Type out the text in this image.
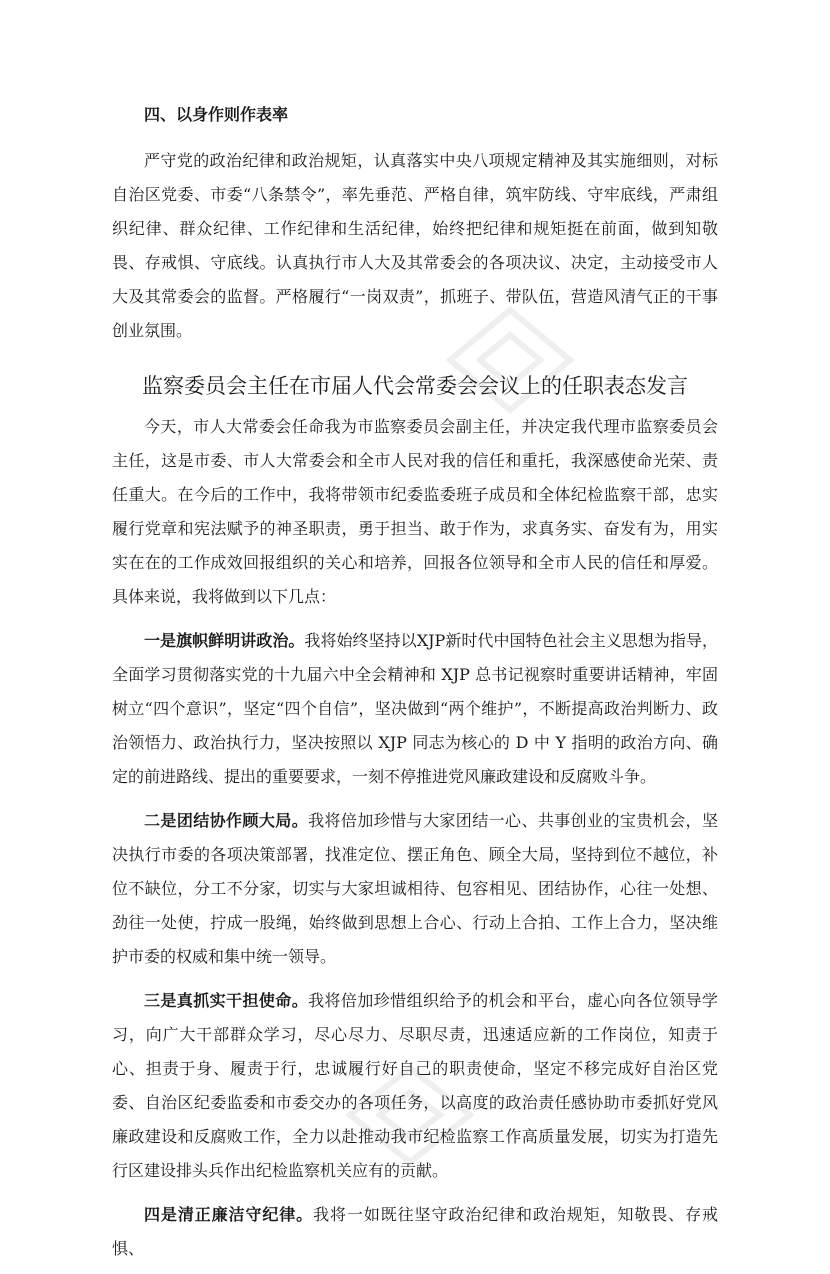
四、以身作则作表率

严守党的政治纪律和政治规矩，认真落实中央八项规定精神及其实施细则，对标自治区党委、市委“八条禁令”，率先垂范、严格自律，筑牢防线、守牢底线，严肃组织纪律、群众纪律、工作纪律和生活纪律，始终把纪律和规矩挺在前面，做到知敬畏、存戒惧、守底线。认真执行市人大及其常委会的各项决议、决定，主动接受市人大及其常委会的监督。严格履行“一岗双责”，抓班子、带队伍，营造风清气正的干事创业氛围。

监察委员会主任在市届人代会常委会会议上的任职表态发言

今天，市人大常委会任命我为市监察委员会副主任，并决定我代理市监察委员会主任，这是市委、市人大常委会和全市人民对我的信任和重托，我深感使命光荣、责任重大。在今后的工作中，我将带领市纪委监委班子成员和全体纪检监察干部，忠实履行党章和宪法赋予的神圣职责，勇于担当、敢于作为，求真务实、奋发有为，用实实在在的工作成效回报组织的关心和培养，回报各位领导和全市人民的信任和厚爱。具体来说，我将做到以下几点：

一是旗帜鲜明讲政治。我将始终坚持以XJP新时代中国特色社会主义思想为指导，全面学习贯彻落实党的十九届六中全会精神和 XJP 总书记视察时重要讲话精神，牢固树立“四个意识”，坚定“四个自信”，坚决做到“两个维护”，不断提高政治判断力、政治领悟力、政治执行力，坚决按照以 XJP 同志为核心的 D 中 Y 指明的政治方向、确定的前进路线、提出的重要要求，一刻不停推进党风廉政建设和反腐败斗争。

二是团结协作顾大局。我将倍加珍惜与大家团结一心、共事创业的宝贵机会，坚决执行市委的各项决策部署，找准定位、摆正角色、顾全大局，坚持到位不越位，补位不缺位，分工不分家，切实与大家坦诚相待、包容相见、团结协作，心往一处想、劲往一处使，拧成一股绳，始终做到思想上合心、行动上合拍、工作上合力，坚决维护市委的权威和集中统一领导。

三是真抓实干担使命。我将倍加珍惜组织给予的机会和平台，虚心向各位领导学习，向广大干部群众学习，尽心尽力、尽职尽责，迅速适应新的工作岗位，知责于心、担责于身、履责于行，忠诚履行好自己的职责使命，坚定不移完成好自治区党委、自治区纪委监委和市委交办的各项任务，以高度的政治责任感协助市委抓好党风廉政建设和反腐败工作，全力以赴推动我市纪检监察工作高质量发展，切实为打造先行区建设排头兵作出纪检监察机关应有的贡献。

四是清正廉洁守纪律。我将一如既往坚守政治纪律和政治规矩，知敬畏、存戒惧、
